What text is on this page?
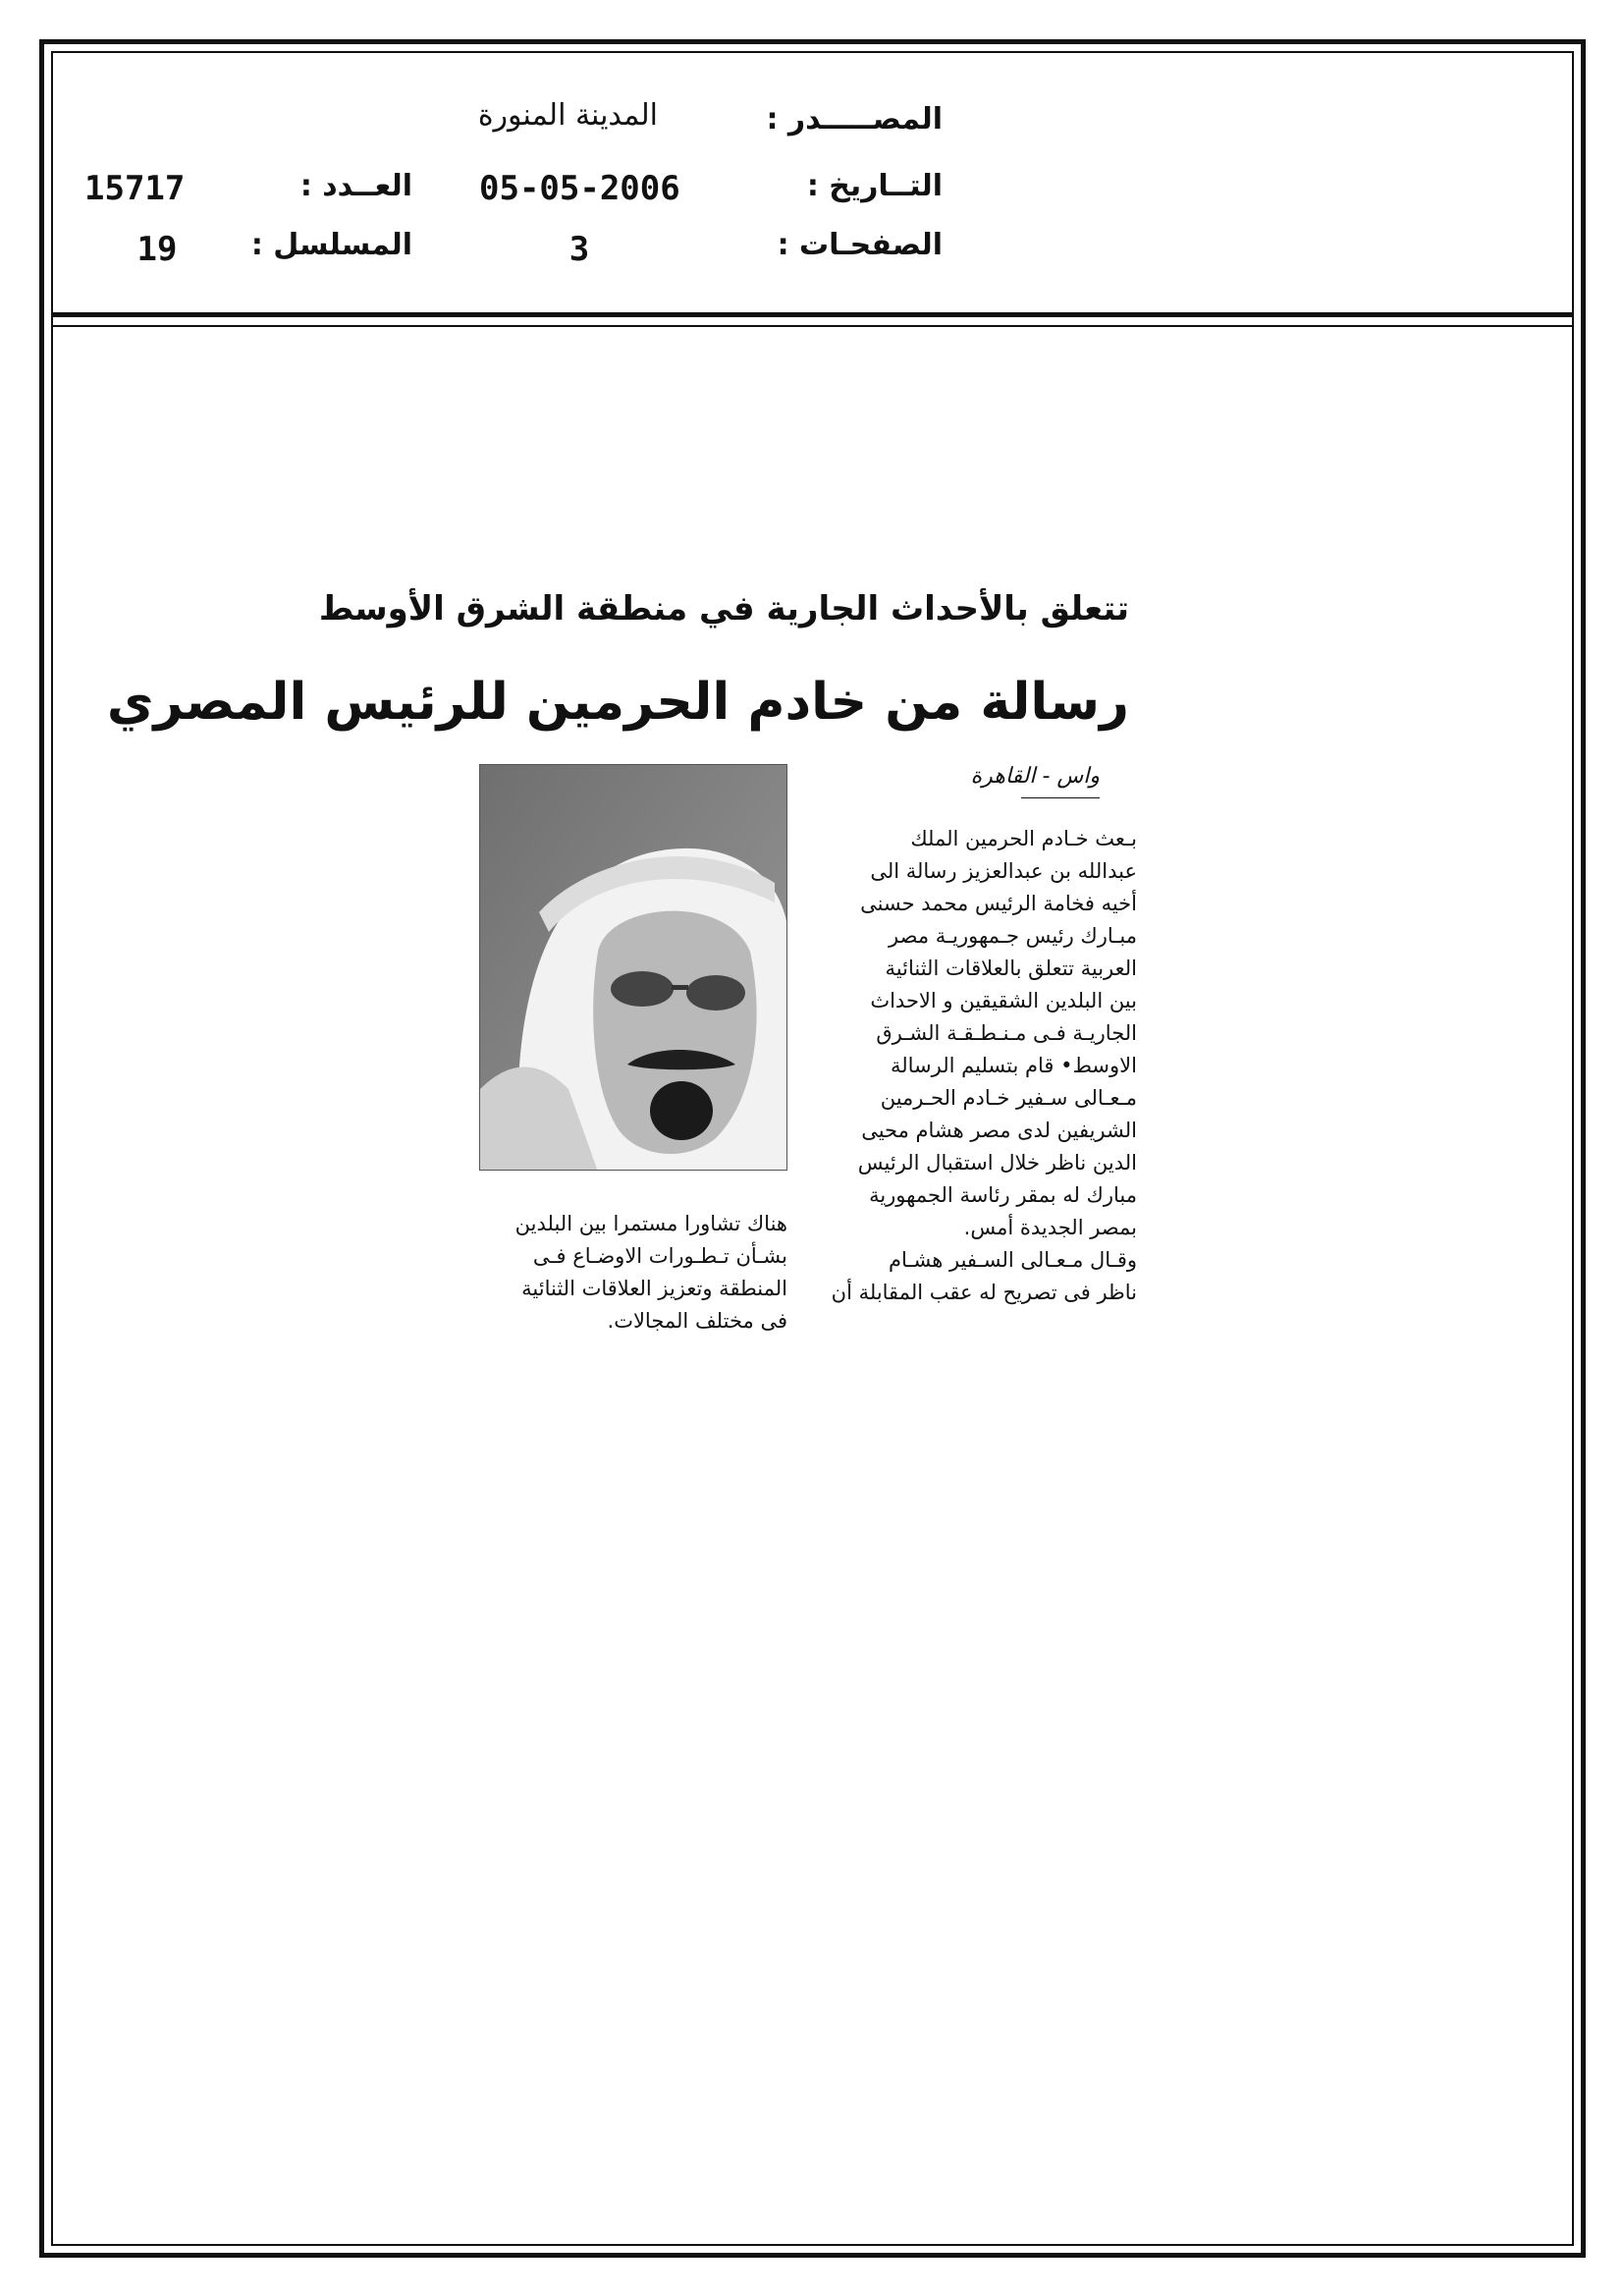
المصـــــدر :
المدينة المنورة
التــاريخ :
05-05-2006
الصفحـات :
3
العــدد :
15717
المسلسل :
19
تتعلق بالأحداث الجارية في منطقة الشرق الأوسط
رسالة من خادم الحرمين للرئيس المصري
واس - القاهرة

بـعث خـادم الحرمين الملك

عبدالله بن عبدالعزيز رسالة الى

أخيه فخامة الرئيس محمد حسنى

مبـارك رئيس جـمهوريـة مصر

العربية تتعلق بالعلاقات الثنائية

بين البلدين الشقيقين و الاحداث

الجاريـة فـى مـنـطـقـة الشـرق

الاوسط• قام بتسليم الرسالة

مـعـالى سـفير خـادم الحـرمين

الشريفين لدى مصر هشام محيى

الدين ناظر خلال استقبال الرئيس

مبارك له بمقر رئاسة الجمهورية

بمصر الجديدة أمس.

وقـال مـعـالى السـفير هشـام

ناظر فى تصريح له عقب المقابلة أن

هناك تشاورا مستمرا بين البلدين

بشـأن تـطـورات الاوضـاع فـى

المنطقة وتعزيز العلاقات الثنائية

فى مختلف المجالات.
